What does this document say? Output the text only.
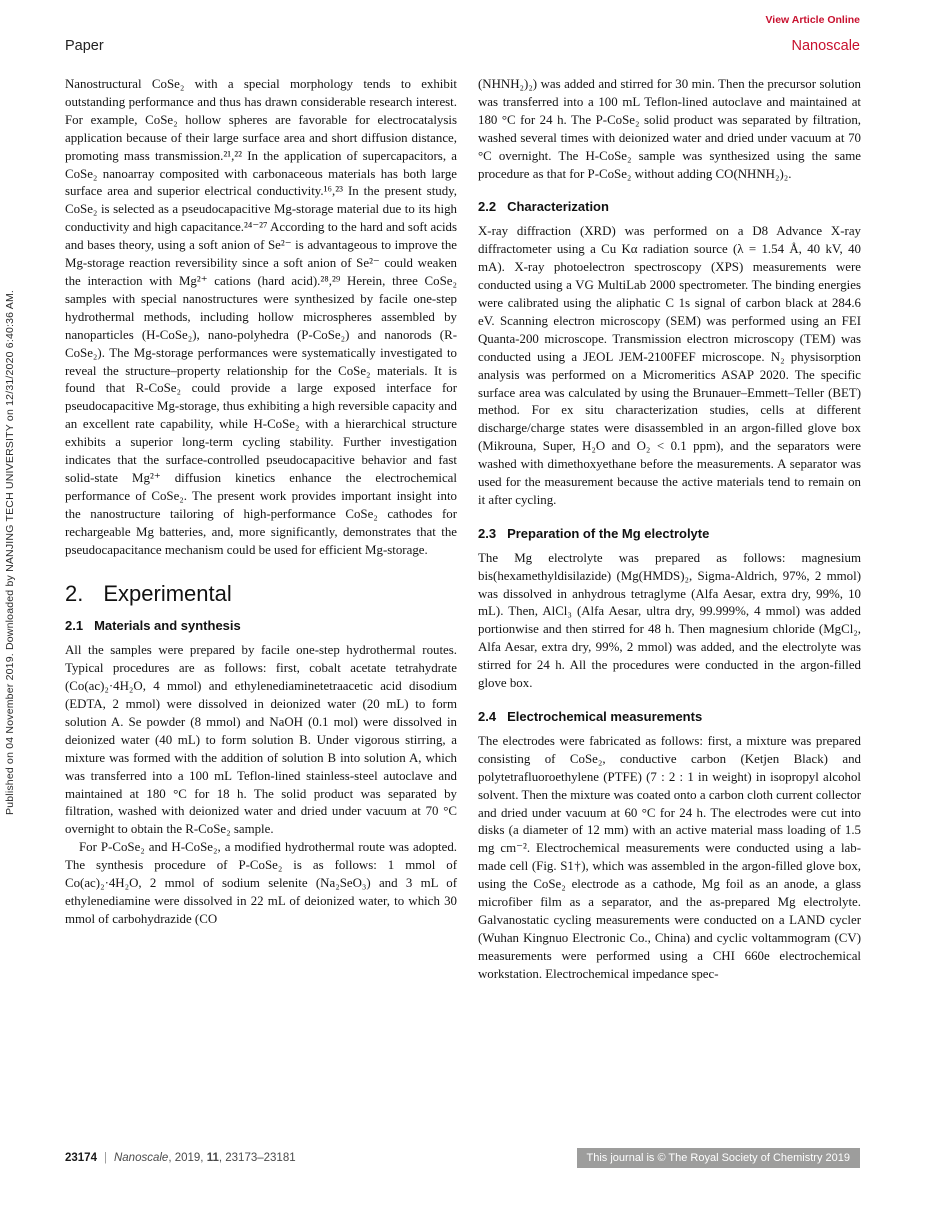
View Article Online
Paper	Nanoscale
Published on 04 November 2019. Downloaded by NANJING TECH UNIVERSITY on 12/31/2020 6:40:36 AM.

Nanostructural CoSe₂ with a special morphology tends to exhibit outstanding performance and thus has drawn considerable research interest. For example, CoSe₂ hollow spheres are favorable for electrocatalysis application because of their large surface area and short diffusion distance, promoting mass transmission.²¹,²² In the application of supercapacitors, a CoSe₂ nanoarray composited with carbonaceous materials has both large surface area and superior electrical conductivity.¹⁶,²³ In the present study, CoSe₂ is selected as a pseudocapacitive Mg-storage material due to its high conductivity and high capacitance.²⁴⁻²⁷ According to the hard and soft acids and bases theory, using a soft anion of Se²⁻ is advantageous to improve the Mg-storage reaction reversibility since a soft anion of Se²⁻ could weaken the interaction with Mg²⁺ cations (hard acid).²⁸,²⁹ Herein, three CoSe₂ samples with special nanostructures were synthesized by facile one-step hydrothermal methods, including hollow microspheres assembled by nanoparticles (H-CoSe₂), nano-polyhedra (P-CoSe₂) and nanorods (R-CoSe₂). The Mg-storage performances were systematically investigated to reveal the structure–property relationship for the CoSe₂ materials. It is found that R-CoSe₂ could provide a large exposed interface for pseudocapacitive Mg-storage, thus exhibiting a high reversible capacity and an excellent rate capability, while H-CoSe₂ with a hierarchical structure exhibits a superior long-term cycling stability. Further investigation indicates that the surface-controlled pseudocapacitive behavior and fast solid-state Mg²⁺ diffusion kinetics enhance the electrochemical performance of CoSe₂. The present work provides important insight into the nanostructure tailoring of high-performance CoSe₂ cathodes for rechargeable Mg batteries, and, more significantly, demonstrates that the pseudocapacitance mechanism could be used for efficient Mg-storage.

2. Experimental
2.1 Materials and synthesis

All the samples were prepared by facile one-step hydrothermal routes. Typical procedures are as follows: first, cobalt acetate tetrahydrate (Co(ac)₂·4H₂O, 4 mmol) and ethylenediaminetetraacetic acid disodium (EDTA, 2 mmol) were dissolved in deionized water (20 mL) to form solution A. Se powder (8 mmol) and NaOH (0.1 mol) were dissolved in deionized water (40 mL) to form solution B. Under vigorous stirring, a mixture was formed with the addition of solution B into solution A, which was transferred into a 100 mL Teflon-lined stainless-steel autoclave and maintained at 180 °C for 18 h. The solid product was separated by filtration, washed with deionized water and dried under vacuum at 70 °C overnight to obtain the R-CoSe₂ sample.

For P-CoSe₂ and H-CoSe₂, a modified hydrothermal route was adopted. The synthesis procedure of P-CoSe₂ is as follows: 1 mmol of Co(ac)₂·4H₂O, 2 mmol of sodium selenite (Na₂SeO₃) and 3 mL of ethylenediamine were dissolved in 22 mL of deionized water, to which 30 mmol of carbohydrazide (CO

(NHNH₂)₂) was added and stirred for 30 min. Then the precursor solution was transferred into a 100 mL Teflon-lined autoclave and maintained at 180 °C for 24 h. The P-CoSe₂ solid product was separated by filtration, washed several times with deionized water and dried under vacuum at 70 °C overnight. The H-CoSe₂ sample was synthesized using the same procedure as that for P-CoSe₂ without adding CO(NHNH₂)₂.

2.2 Characterization

X-ray diffraction (XRD) was performed on a D8 Advance X-ray diffractometer using a Cu Kα radiation source (λ = 1.54 Å, 40 kV, 40 mA). X-ray photoelectron spectroscopy (XPS) measurements were conducted using a VG MultiLab 2000 spectrometer. The binding energies were calibrated using the aliphatic C 1s signal of carbon black at 284.6 eV. Scanning electron microscopy (SEM) was performed using an FEI Quanta-200 microscope. Transmission electron microscopy (TEM) was conducted using a JEOL JEM-2100FEF microscope. N₂ physisorption analysis was performed on a Micromeritics ASAP 2020. The specific surface area was calculated by using the Brunauer–Emmett–Teller (BET) method. For ex situ characterization studies, cells at different discharge/charge states were disassembled in an argon-filled glove box (Mikrouna, Super, H₂O and O₂ < 0.1 ppm), and the separators were washed with dimethoxyethane before the measurements. A separator was used for the measurement because the active materials tend to remain on it after cycling.

2.3 Preparation of the Mg electrolyte

The Mg electrolyte was prepared as follows: magnesium bis(hexamethyldisilazide) (Mg(HMDS)₂, Sigma-Aldrich, 97%, 2 mmol) was dissolved in anhydrous tetraglyme (Alfa Aesar, extra dry, 99%, 10 mL). Then, AlCl₃ (Alfa Aesar, ultra dry, 99.999%, 4 mmol) was added portionwise and then stirred for 48 h. Then magnesium chloride (MgCl₂, Alfa Aesar, extra dry, 99%, 2 mmol) was added, and the electrolyte was stirred for 24 h. All the procedures were conducted in the argon-filled glove box.

2.4 Electrochemical measurements

The electrodes were fabricated as follows: first, a mixture was prepared consisting of CoSe₂, conductive carbon (Ketjen Black) and polytetrafluoroethylene (PTFE) (7 : 2 : 1 in weight) in isopropyl alcohol solvent. Then the mixture was coated onto a carbon cloth current collector and dried under vacuum at 60 °C for 24 h. The electrodes were cut into disks (a diameter of 12 mm) with an active material mass loading of 1.5 mg cm⁻². Electrochemical measurements were conducted using a lab-made cell (Fig. S1†), which was assembled in the argon-filled glove box, using the CoSe₂ electrode as a cathode, Mg foil as an anode, a glass microfiber film as a separator, and the as-prepared Mg electrolyte. Galvanostatic cycling measurements were conducted on a LAND cycler (Wuhan Kingnuo Electronic Co., China) and cyclic voltammogram (CV) measurements were performed using a CHI 660e electrochemical workstation. Electrochemical impedance spec-

23174 | Nanoscale, 2019, 11, 23173–23181	This journal is © The Royal Society of Chemistry 2019
